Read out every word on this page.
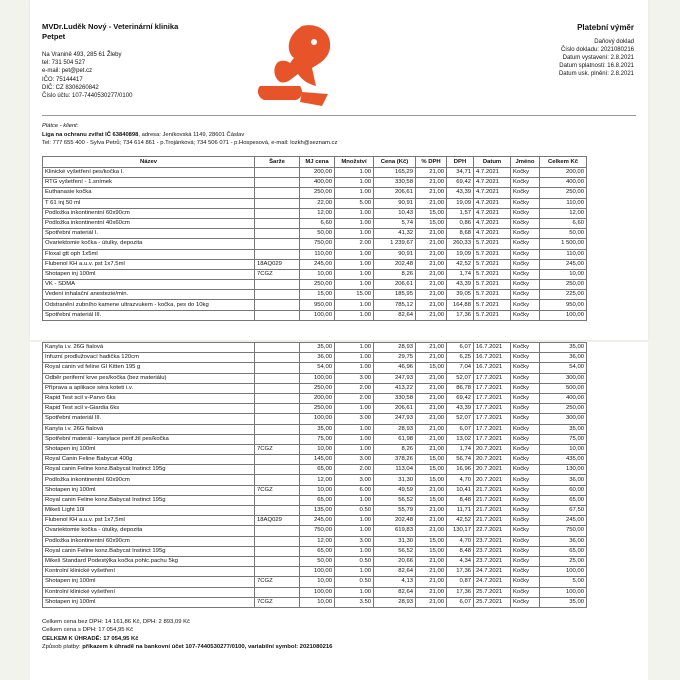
MVDr.Luděk Nový - Veterinární klinika
Petpet
Na Vranině 493, 285 61 Žleby
tel: 731 504 527
e-mail: pet@pet.cz
IČO: 75144417
DIČ: CZ 8306260842
Číslo účtu: 107-7440530277/0100
Platební výměr
Daňový doklad
Číslo dokladu: 2021080216
Datum vystavení: 2.8.2021
Datum splatnosti: 16.8.2021
Datum usk. plnění: 2.8.2021
Plátce - klient:
Liga na ochranu zvířat IČ 63840898, adresa: Jeníkovská 1149, 28601 Čáslav
Tel: 777 655 400 - Sylva Petrů; 734 614 861 - p.Trojánková; 734 506 071 - p.Hospesová, e-mail: lozkh@seznam.cz
Název	Šarže	MJ cena	Množství	Cena (Kč)	% DPH	DPH	Datum	Jméno	Celkem Kč
Klinické vyšetření pes/kočka I.		200,00	1.00	165,29	21,00	34,71	4.7.2021	Kočky	200,00
RTG vyšetření - 1.snímek		400,00	1.00	330,58	21,00	69,42	4.7.2021	Kočky	400,00
Euthanasie kočka		250,00	1.00	206,61	21,00	43,39	4.7.2021	Kočky	250,00
T 61 inj 50 ml		22,00	5.00	90,91	21,00	19,09	4.7.2021	Kočky	110,00
Podložka inkontinentní 60x90cm		12,00	1.00	10,43	15,00	1,57	4.7.2021	Kočky	12,00
Podložka inkontinentní 40x60cm		6,60	1.00	5,74	15,00	0,86	4.7.2021	Kočky	6,60
Spotřební materiál I.		50,00	1.00	41,32	21,00	8,68	4.7.2021	Kočky	50,00
Ovariektomie kočka - útulky, depozita		750,00	2.00	1 239,67	21,00	260,33	5.7.2021	Kočky	1 500,00
Floxal gtt oph 1x5ml		110,00	1.00	90,91	21,00	19,09	5.7.2021	Kočky	110,00
Flubenol KH a.u.v. pst 1x7,5ml	18AQ029	245,00	1.00	202,48	21,00	42,52	5.7.2021	Kočky	245,00
Shotapen inj 100ml	7CGZ	10,00	1.00	8,26	21,00	1,74	5.7.2021	Kočky	10,00
VK - SDMA		250,00	1.00	206,61	21,00	43,39	5.7.2021	Kočky	250,00
Vedení inhalační anestezie/min.		15,00	15.00	185,95	21,00	39,05	5.7.2021	Kočky	225,00
Odstranění zubního kamene ultrazvukem - kočka, pes do 10kg		950,00	1.00	785,12	21,00	164,88	5.7.2021	Kočky	950,00
Spotřební materiál III.		100,00	1.00	82,64	21,00	17,36	5.7.2021	Kočky	100,00
Kanyla i.v. 26G fialová		35,00	1.00	28,93	21,00	6,07	16.7.2021	Kočky	35,00
Infuzní prodlužovací hadička 120cm		36,00	1.00	29,75	21,00	6,25	16.7.2021	Kočky	36,00
Royal canin vd feline GI Kitten 195 g		54,00	1.00	46,96	15,00	7,04	16.7.2021	Kočky	54,00
Odběr periferní krve pes/kočka (bez materiálu)		100,00	3.00	247,93	21,00	52,07	17.7.2021	Kočky	300,00
Příprava a aplikace séra koteti i.v.		250,00	2.00	413,22	21,00	86,78	17.7.2021	Kočky	500,00
Rapid Test scil v-Parvo 6ks		200,00	2.00	330,58	21,00	69,42	17.7.2021	Kočky	400,00
Rapid Test scil v-Giardia 6ks		250,00	1.00	206,61	21,00	43,39	17.7.2021	Kočky	250,00
Spotřební materiál III.		100,00	3.00	247,93	21,00	52,07	17.7.2021	Kočky	300,00
Kanyla i.v. 26G fialová		35,00	1.00	28,93	21,00	6,07	17.7.2021	Kočky	35,00
Spotřební materál - kanylace perif.žil pes/kočka		75,00	1.00	61,98	21,00	13,02	17.7.2021	Kočky	75,00
Shotapen inj 100ml	7CGZ	10,00	1.00	8,26	21,00	1,74	20.7.2021	Kočky	10,00
Royal Canin Feline Babycat 400g		145,00	3.00	378,26	15,00	56,74	20.7.2021	Kočky	435,00
Royal canin Feline konz.Babycat Instinct 195g		65,00	2.00	113,04	15,00	16,96	20.7.2021	Kočky	130,00
Podložka inkontinentní 60x90cm		12,00	3.00	31,30	15,00	4,70	20.7.2021	Kočky	36,00
Shotapen inj 100ml	7CGZ	10,00	6.00	49,59	21,00	10,41	21.7.2021	Kočky	60,00
Royal canin Feline konz.Babycat Instinct 195g		65,00	1.00	56,52	15,00	8,48	21.7.2021	Kočky	65,00
Mikeš Light 10l		135,00	0.50	55,79	21,00	11,71	21.7.2021	Kočky	67,50
Flubenol KH a.u.v. pst 1x7,5ml	18AQ029	245,00	1.00	202,48	21,00	42,52	21.7.2021	Kočky	245,00
Ovariektomie kočka - útulky, depozita		750,00	1.00	619,83	21,00	130,17	22.7.2021	Kočky	750,00
Podložka inkontinentní 60x90cm		12,00	3.00	31,30	15,00	4,70	23.7.2021	Kočky	36,00
Royal canin Feline konz.Babycat Instinct 195g		65,00	1.00	56,52	15,00	8,48	23.7.2021	Kočky	65,00
Mikeš Standard Podestýlka kočka pohlc.pachu 5kg		50,00	0.50	20,66	21,00	4,34	23.7.2021	Kočky	25,00
Kontrolní klinické vyšetření		100,00	1.00	82,64	21,00	17,36	24.7.2021	Kočky	100,00
Shotapen inj 100ml	7CGZ	10,00	0.50	4,13	21,00	0,87	24.7.2021	Kočky	5,00
Kontrolní klinické vyšetření		100,00	1.00	82,64	21,00	17,36	25.7.2021	Kočky	100,00
Shotapen inj 100ml	7CGZ	10,00	3.50	28,93	21,00	6,07	25.7.2021	Kočky	35,00
Celkem cena bez DPH: 14 161,86 Kč, DPH: 2 893,09 Kč
Celkem cena s DPH: 17 054,95 Kč
CELKEM K ÚHRADĚ: 17 054,95 Kč
Způsob platby: příkazem k úhradě na bankovní účet 107-7440530277/0100, variabilní symbol: 2021080216
